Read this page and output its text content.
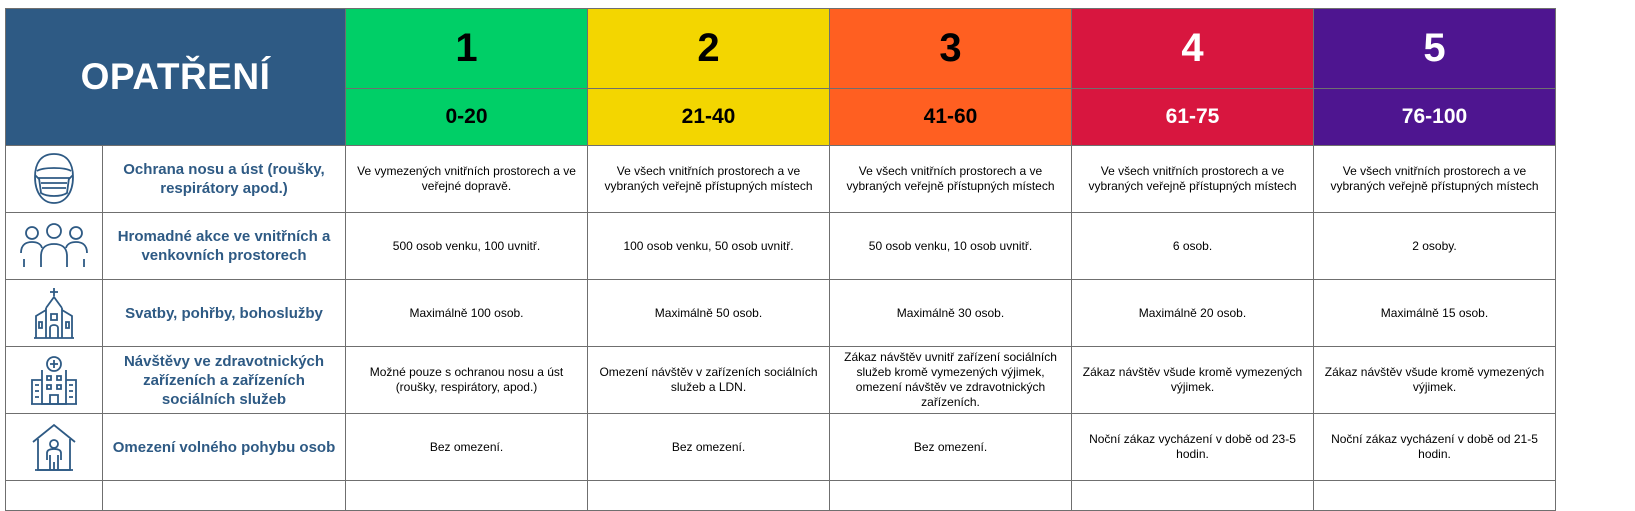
OPATŘENÍ		1	2	3	4	5
		0-20	21-40	41-60	61-75	76-100

	Ochrana nosu a úst (roušky, respirátory apod.)	Ve vymezených vnitřních prostorech a ve veřejné dopravě.	Ve všech vnitřních prostorech a ve vybraných veřejně přístupných místech	Ve všech vnitřních prostorech a ve vybraných veřejně přístupných místech	Ve všech vnitřních prostorech a ve vybraných veřejně přístupných místech	Ve všech vnitřních prostorech a ve vybraných veřejně přístupných místech

	Hromadné akce ve vnitřních a venkovních prostorech	500 osob venku, 100 uvnitř.	100 osob venku, 50 osob uvnitř.	50 osob venku, 10 osob uvnitř.	6 osob.	2 osoby.

	Svatby, pohřby, bohoslužby	Maximálně 100 osob.	Maximálně 50 osob.	Maximálně 30 osob.	Maximálně 20 osob.	Maximálně 15 osob.

	Návštěvy ve zdravotnických zařízeních a zařízeních sociálních služeb	Možné pouze s ochranou nosu a úst (roušky, respirátory, apod.)	Omezení návštěv v zařízeních sociálních služeb a LDN.	Zákaz návštěv uvnitř zařízení sociálních služeb kromě vymezených výjimek, omezení návštěv ve zdravotnických zařízeních.	Zákaz návštěv všude kromě vymezených výjimek.	Zákaz návštěv všude kromě vymezených výjimek.

	Omezení volného pohybu osob	Bez omezení.	Bez omezení.	Bez omezení.	Noční zákaz vycházení v době od 23-5 hodin.	Noční zákaz vycházení v době od 21-5 hodin.
